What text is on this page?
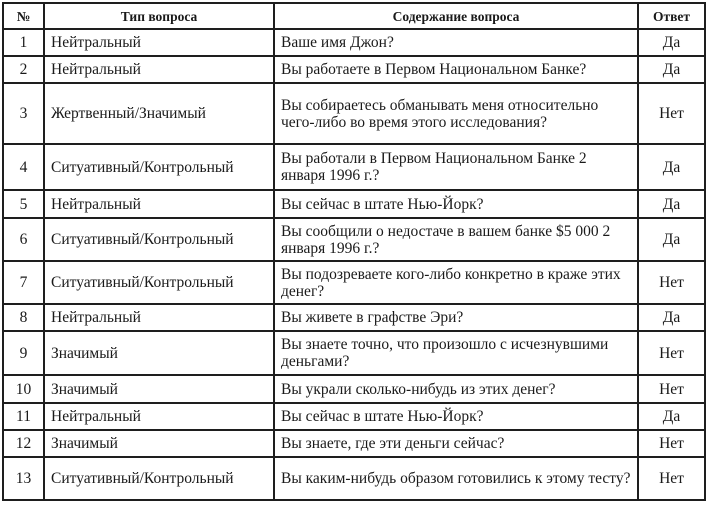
№	Тип вопроса	Содержание вопроса	Ответ
1	Нейтральный	Ваше имя Джон?	Да
2	Нейтральный	Вы работаете в Первом Национальном Банке?	Да
3	Жертвенный/Значимый	Вы собираетесь обманывать меня относительно чего-либо во время этого исследования?	Нет
4	Ситуативный/Контрольный	Вы работали в Первом Национальном Банке 2 января 1996 г.?	Да
5	Нейтральный	Вы сейчас в штате Нью-Йорк?	Да
6	Ситуативный/Контрольный	Вы сообщили о недостаче в вашем банке $5 000 2 января 1996 г.?	Да
7	Ситуативный/Контрольный	Вы подозреваете кого-либо конкретно в краже этих денег?	Нет
8	Нейтральный	Вы живете в графстве Эри?	Да
9	Значимый	Вы знаете точно, что произошло с исчезнувшими деньгами?	Нет
10	Значимый	Вы украли сколько-нибудь из этих денег?	Нет
11	Нейтральный	Вы сейчас в штате Нью-Йорк?	Да
12	Значимый	Вы знаете, где эти деньги сейчас?	Нет
13	Ситуативный/Контрольный	Вы каким-нибудь образом готовились к этому тесту?	Нет
